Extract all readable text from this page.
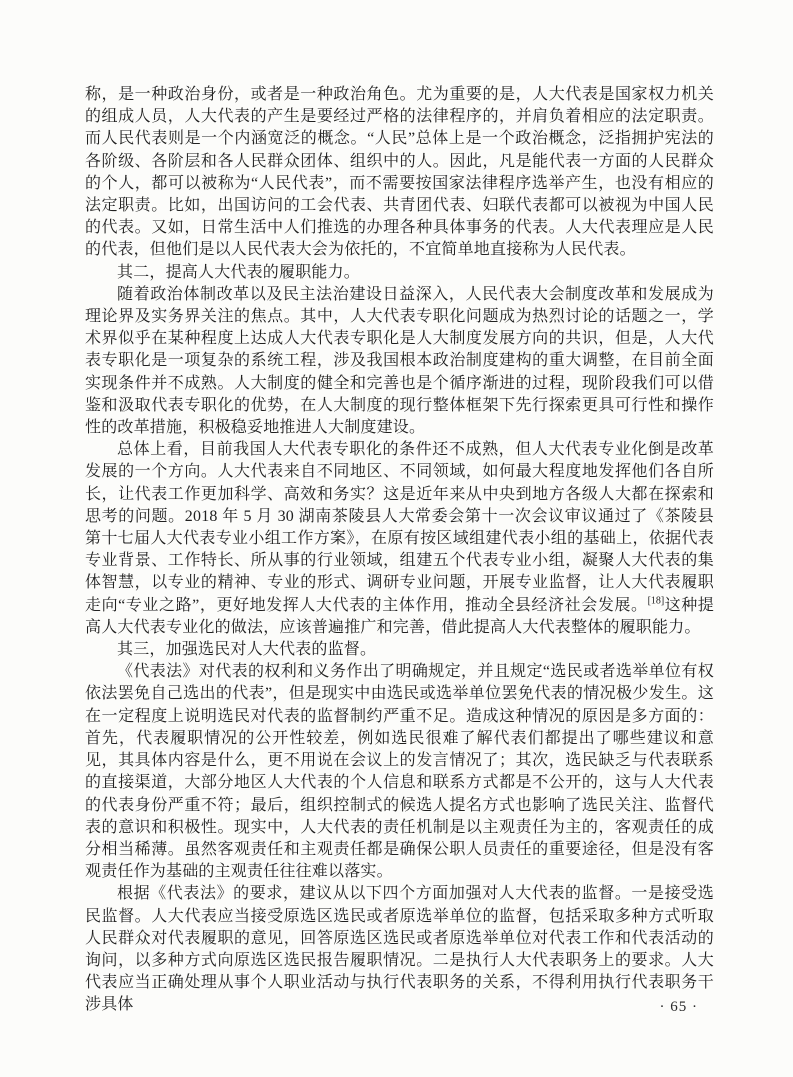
称，是一种政治身份，或者是一种政治角色。尤为重要的是，人大代表是国家权力机关的组成人员，人大代表的产生是要经过严格的法律程序的，并肩负着相应的法定职责。而人民代表则是一个内涵宽泛的概念。“人民”总体上是一个政治概念，泛指拥护宪法的各阶级、各阶层和各人民群众团体、组织中的人。因此，凡是能代表一方面的人民群众的个人，都可以被称为“人民代表”，而不需要按国家法律程序选举产生，也没有相应的法定职责。比如，出国访问的工会代表、共青团代表、妇联代表都可以被视为中国人民的代表。又如，日常生活中人们推选的办理各种具体事务的代表。人大代表理应是人民的代表，但他们是以人民代表大会为依托的，不宜简单地直接称为人民代表。

其二，提高人大代表的履职能力。

随着政治体制改革以及民主法治建设日益深入，人民代表大会制度改革和发展成为理论界及实务界关注的焦点。其中，人大代表专职化问题成为热烈讨论的话题之一，学术界似乎在某种程度上达成人大代表专职化是人大制度发展方向的共识，但是，人大代表专职化是一项复杂的系统工程，涉及我国根本政治制度建构的重大调整，在目前全面实现条件并不成熟。人大制度的健全和完善也是个循序渐进的过程，现阶段我们可以借鉴和汲取代表专职化的优势，在人大制度的现行整体框架下先行探索更具可行性和操作性的改革措施，积极稳妥地推进人大制度建设。

总体上看，目前我国人大代表专职化的条件还不成熟，但人大代表专业化倒是改革发展的一个方向。人大代表来自不同地区、不同领域，如何最大程度地发挥他们各自所长，让代表工作更加科学、高效和务实？这是近年来从中央到地方各级人大都在探索和思考的问题。2018 年 5 月 30 湖南茶陵县人大常委会第十一次会议审议通过了《茶陵县第十七届人大代表专业小组工作方案》，在原有按区域组建代表小组的基础上，依据代表专业背景、工作特长、所从事的行业领域，组建五个代表专业小组，凝聚人大代表的集体智慧，以专业的精神、专业的形式、调研专业问题，开展专业监督，让人大代表履职走向“专业之路”，更好地发挥人大代表的主体作用，推动全县经济社会发展。[18]这种提高人大代表专业化的做法，应该普遍推广和完善，借此提高人大代表整体的履职能力。

其三，加强选民对人大代表的监督。

《代表法》对代表的权利和义务作出了明确规定，并且规定“选民或者选举单位有权依法罢免自己选出的代表”，但是现实中由选民或选举单位罢免代表的情况极少发生。这在一定程度上说明选民对代表的监督制约严重不足。造成这种情况的原因是多方面的：首先，代表履职情况的公开性较差，例如选民很难了解代表们都提出了哪些建议和意见，其具体内容是什么，更不用说在会议上的发言情况了；其次，选民缺乏与代表联系的直接渠道，大部分地区人大代表的个人信息和联系方式都是不公开的，这与人大代表的代表身份严重不符；最后，组织控制式的候选人提名方式也影响了选民关注、监督代表的意识和积极性。现实中，人大代表的责任机制是以主观责任为主的，客观责任的成分相当稀薄。虽然客观责任和主观责任都是确保公职人员责任的重要途径，但是没有客观责任作为基础的主观责任往往难以落实。

根据《代表法》的要求，建议从以下四个方面加强对人大代表的监督。一是接受选民监督。人大代表应当接受原选区选民或者原选举单位的监督，包括采取多种方式听取人民群众对代表履职的意见，回答原选区选民或者原选举单位对代表工作和代表活动的询问，以多种方式向原选区选民报告履职情况。二是执行人大代表职务上的要求。人大代表应当正确处理从事个人职业活动与执行代表职务的关系，不得利用执行代表职务干涉具体	· 65 ·
